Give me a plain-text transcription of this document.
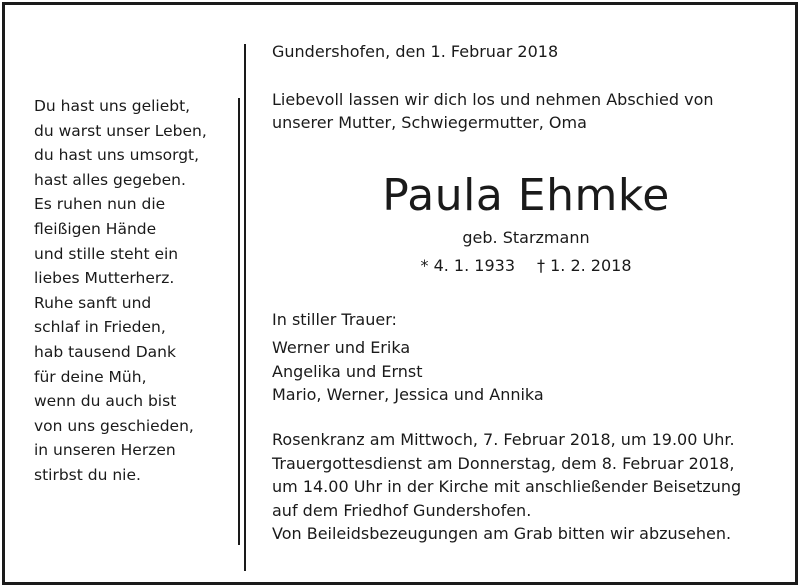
Du hast uns geliebt,
du warst unser Leben,
du hast uns umsorgt,
hast alles gegeben.
Es ruhen nun die
fleißigen Hände
und stille steht ein
liebes Mutterherz.
Ruhe sanft und
schlaf in Frieden,
hab tausend Dank
für deine Müh,
wenn du auch bist
von uns geschieden,
in unseren Herzen
stirbst du nie.
Gundershofen, den 1. Februar 2018
Liebevoll lassen wir dich los und nehmen Abschied von
unserer Mutter, Schwiegermutter, Oma
Paula Ehmke
geb. Starzmann
* 4. 1. 1933 † 1. 2. 2018
In stiller Trauer:
Werner und Erika
Angelika und Ernst
Mario, Werner, Jessica und Annika
Rosenkranz am Mittwoch, 7. Februar 2018, um 19.00 Uhr.
Trauergottesdienst am Donnerstag, dem 8. Februar 2018,
um 14.00 Uhr in der Kirche mit anschließender Beisetzung
auf dem Friedhof Gundershofen.
Von Beileidsbezeugungen am Grab bitten wir abzusehen.
